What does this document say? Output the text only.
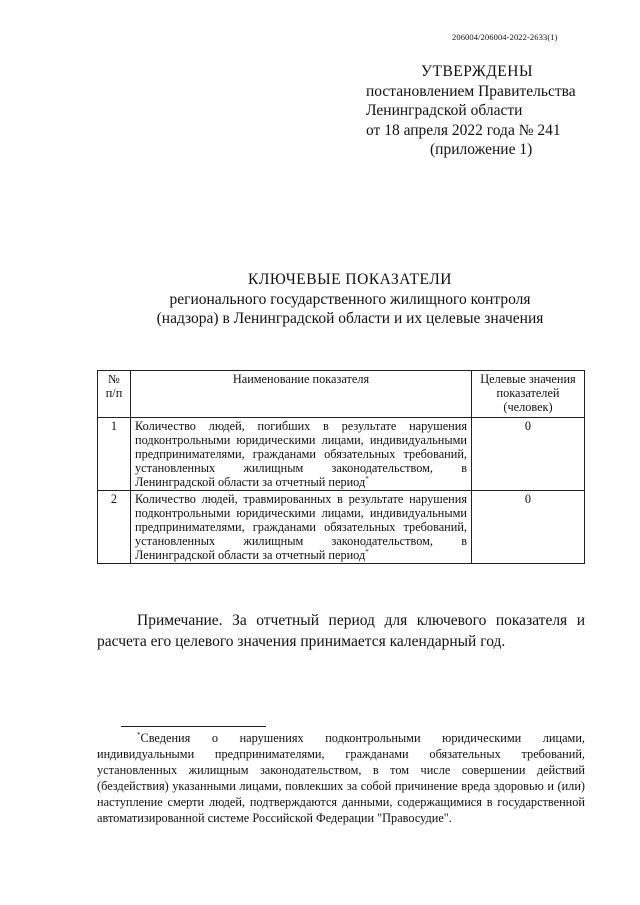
206004/206004-2022-2633(1)
УТВЕРЖДЕНЫ
постановлением Правительства
Ленинградской области
от 18 апреля 2022 года № 241
(приложение 1)
КЛЮЧЕВЫЕ ПОКАЗАТЕЛИ
регионального государственного жилищного контроля
(надзора) в Ленинградской области и их целевые значения
№ п/п	Наименование показателя	Целевые значения показателей (человек)
1	Количество людей, погибших в результате нарушения подконтрольными юридическими лицами, индивидуальными предпринимателями, гражданами обязательных требований, установленных жилищным законодательством, в Ленинградской области за отчетный период*	0
2	Количество людей, травмированных в результате нарушения подконтрольными юридическими лицами, индивидуальными предпринимателями, гражданами обязательных требований, установленных жилищным законодательством, в Ленинградской области за отчетный период*	0
Примечание. За отчетный период для ключевого показателя и расчета его целевого значения принимается календарный год.
*Сведения о нарушениях подконтрольными юридическими лицами, индивидуальными предпринимателями, гражданами обязательных требований, установленных жилищным законодательством, в том числе совершении действий (бездействия) указанными лицами, повлекших за собой причинение вреда здоровью и (или) наступление смерти людей, подтверждаются данными, содержащимися в государственной автоматизированной системе Российской Федерации "Правосудие".
